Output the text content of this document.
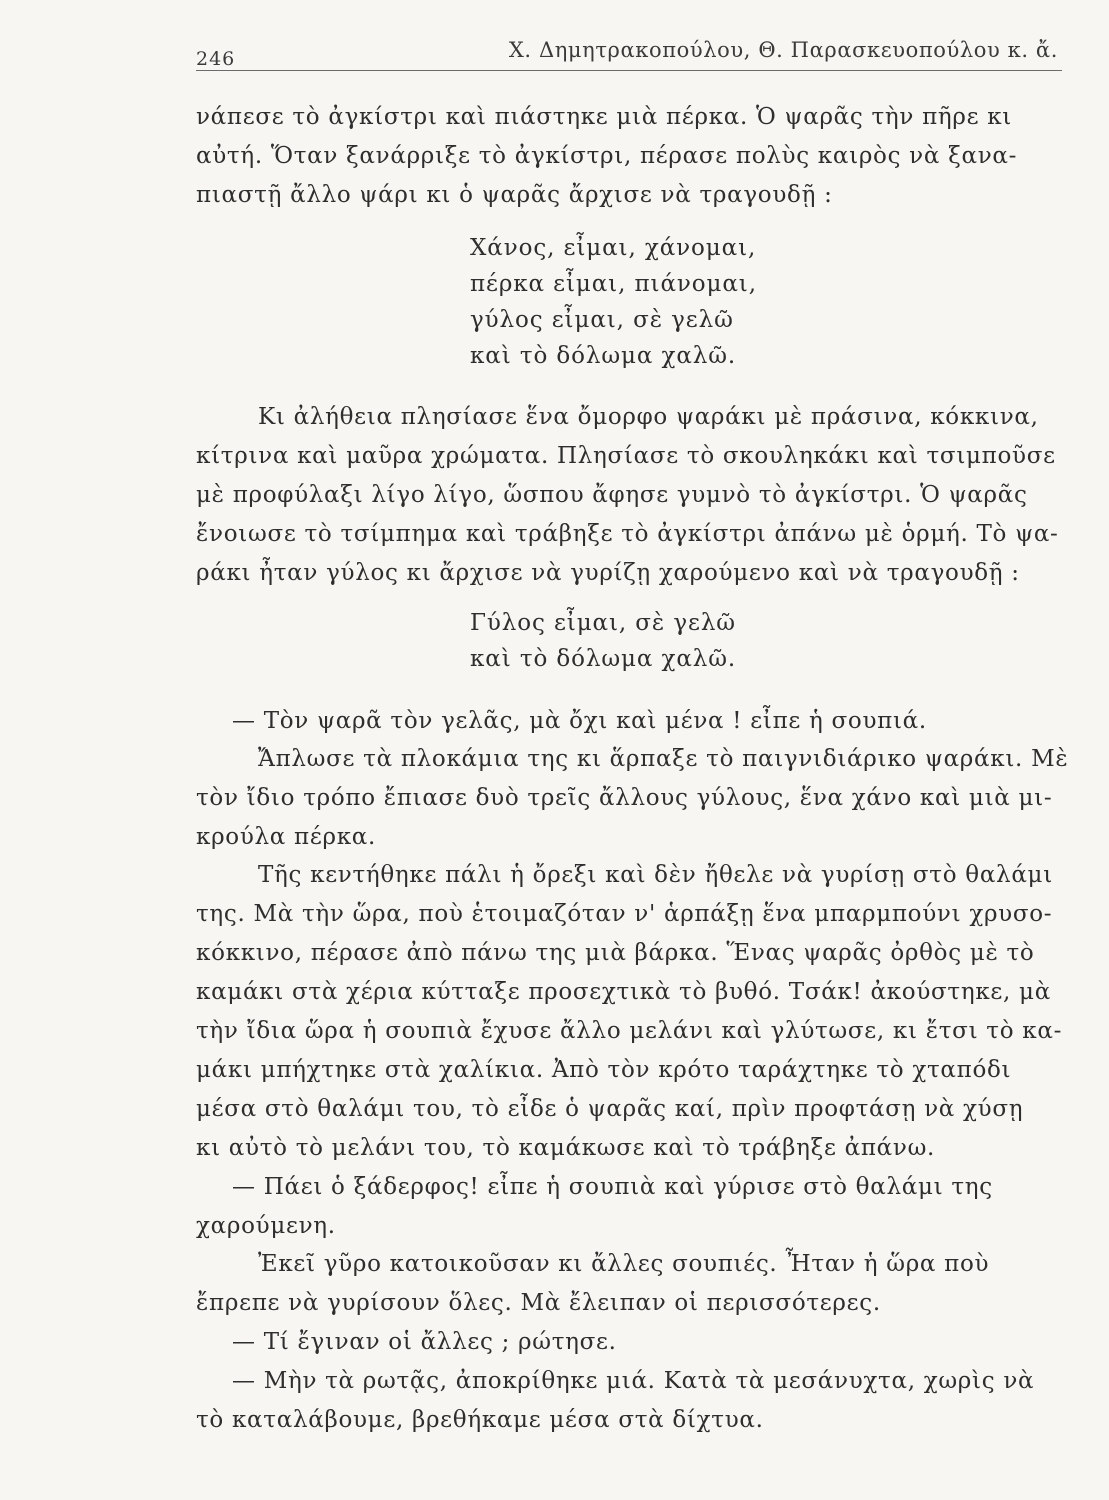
246	Χ. Δημητρακοπούλου, Θ. Παρασκευοπούλου κ. ἄ.
νάπεσε τὸ ἀγκίστρι καὶ πιάστηκε μιὰ πέρκα. Ὁ ψαρᾶς τὴν πῆρε κι
αὐτή. Ὅταν ξανάρριξε τὸ ἀγκίστρι, πέρασε πολὺς καιρὸς νὰ ξανα-
πιαστῇ ἄλλο ψάρι κι ὁ ψαρᾶς ἄρχισε νὰ τραγουδῇ :
Χάνος, εἶμαι, χάνομαι,
πέρκα εἶμαι, πιάνομαι,
γύλος εἶμαι, σὲ γελῶ
καὶ τὸ δόλωμα χαλῶ.
Κι ἀλήθεια πλησίασε ἕνα ὄμορφο ψαράκι μὲ πράσινα, κόκκινα,
κίτρινα καὶ μαῦρα χρώματα. Πλησίασε τὸ σκουληκάκι καὶ τσιμποῦσε
μὲ προφύλαξι λίγο λίγο, ὥσπου ἄφησε γυμνὸ τὸ ἀγκίστρι. Ὁ ψαρᾶς
ἔνοιωσε τὸ τσίμπημα καὶ τράβηξε τὸ ἀγκίστρι ἀπάνω μὲ ὁρμή. Τὸ ψα-
ράκι ἦταν γύλος κι ἄρχισε νὰ γυρίζῃ χαρούμενο καὶ νὰ τραγουδῇ :
Γύλος εἶμαι, σὲ γελῶ
καὶ τὸ δόλωμα χαλῶ.
— Τὸν ψαρᾶ τὸν γελᾶς, μὰ ὄχι καὶ μένα ! εἶπε ἡ σουπιά.
Ἄπλωσε τὰ πλοκάμια της κι ἅρπαξε τὸ παιγνιδιάρικο ψαράκι. Μὲ
τὸν ἴδιο τρόπο ἔπιασε δυὸ τρεῖς ἄλλους γύλους, ἕνα χάνο καὶ μιὰ μι-
κρούλα πέρκα.
Τῆς κεντήθηκε πάλι ἡ ὄρεξι καὶ δὲν ἤθελε νὰ γυρίσῃ στὸ θαλάμι
της. Μὰ τὴν ὥρα, ποὺ ἑτοιμαζόταν ν' ἁρπάξῃ ἕνα μπαρμπούνι χρυσο-
κόκκινο, πέρασε ἀπὸ πάνω της μιὰ βάρκα. Ἕνας ψαρᾶς ὀρθὸς μὲ τὸ
καμάκι στὰ χέρια κύτταξε προσεχτικὰ τὸ βυθό. Τσάκ! ἀκούστηκε, μὰ
τὴν ἴδια ὥρα ἡ σουπιὰ ἔχυσε ἄλλο μελάνι καὶ γλύτωσε, κι ἔτσι τὸ κα-
μάκι μπήχτηκε στὰ χαλίκια. Ἀπὸ τὸν κρότο ταράχτηκε τὸ χταπόδι
μέσα στὸ θαλάμι του, τὸ εἶδε ὁ ψαρᾶς καί, πρὶν προφτάσῃ νὰ χύσῃ
κι αὐτὸ τὸ μελάνι του, τὸ καμάκωσε καὶ τὸ τράβηξε ἀπάνω.
— Πάει ὁ ξάδερφος! εἶπε ἡ σουπιὰ καὶ γύρισε στὸ θαλάμι της
χαρούμενη.
Ἐκεῖ γῦρο κατοικοῦσαν κι ἄλλες σουπιές. Ἦταν ἡ ὥρα ποὺ
ἔπρεπε νὰ γυρίσουν ὅλες. Μὰ ἔλειπαν οἱ περισσότερες.
— Τί ἔγιναν οἱ ἄλλες ; ρώτησε.
— Μὴν τὰ ρωτᾷς, ἀποκρίθηκε μιά. Κατὰ τὰ μεσάνυχτα, χωρὶς νὰ
τὸ καταλάβουμε, βρεθήκαμε μέσα στὰ δίχτυα.
